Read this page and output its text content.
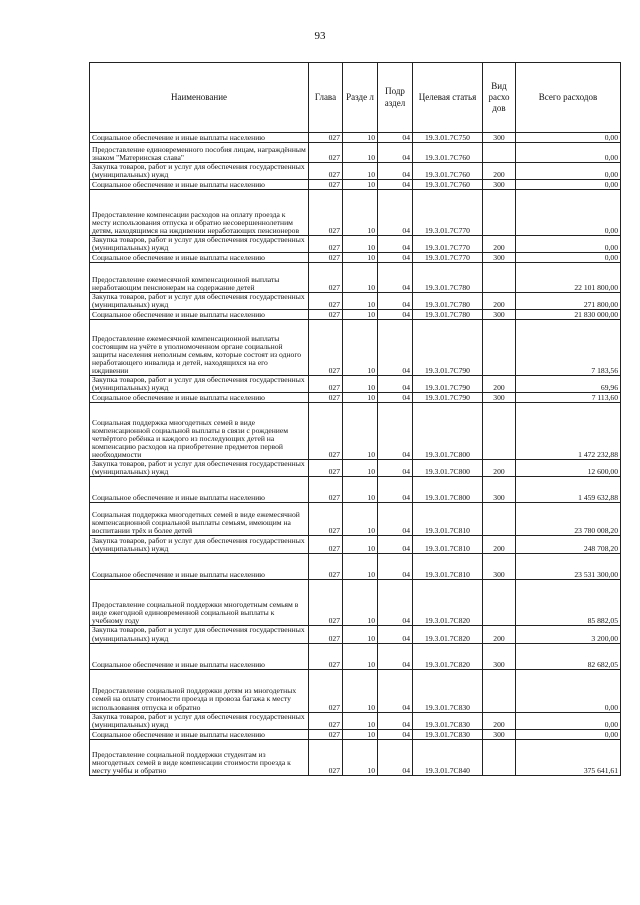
93
Наименование	Глава	Разде л	Подр аздел	Целевая статья	Вид расхо дов	Всего расходов
Социальное обеспечение и иные выплаты населению	027	10	04	19.3.01.7С750	300	0,00
Предоставление единовременного пособия лицам, награждённым знаком "Материнская слава"	027	10	04	19.3.01.7С760		0,00
Закупка товаров, работ и услуг для обеспечения государственных (муниципальных) нужд	027	10	04	19.3.01.7С760	200	0,00
Социальное обеспечение и иные выплаты населению	027	10	04	19.3.01.7С760	300	0,00
Предоставление компенсации расходов на оплату проезда к месту использования отпуска и обратно несовершеннолетним детям, находящимся на иждивении неработающих пенсионеров	027	10	04	19.3.01.7С770		0,00
Закупка товаров, работ и услуг для обеспечения государственных (муниципальных) нужд	027	10	04	19.3.01.7С770	200	0,00
Социальное обеспечение и иные выплаты населению	027	10	04	19.3.01.7С770	300	0,00
Предоставление ежемесячной компенсационной выплаты неработающим пенсионерам на содержание детей	027	10	04	19.3.01.7С780		22 101 800,00
Закупка товаров, работ и услуг для обеспечения государственных (муниципальных) нужд	027	10	04	19.3.01.7С780	200	271 800,00
Социальное обеспечение и иные выплаты населению	027	10	04	19.3.01.7С780	300	21 830 000,00
Предоставление ежемесячной компенсационной выплаты состоящим на учёте в уполномоченном органе социальной защиты населения неполным семьям, которые состоят из одного неработающего инвалида и детей, находящихся на его иждивении	027	10	04	19.3.01.7С790		7 183,56
Закупка товаров, работ и услуг для обеспечения государственных (муниципальных) нужд	027	10	04	19.3.01.7С790	200	69,96
Социальное обеспечение и иные выплаты населению	027	10	04	19.3.01.7С790	300	7 113,60
Социальная поддержка многодетных семей в виде компенсационной социальной выплаты в связи с рождением четвёртого ребёнка и каждого из последующих детей на компенсацию расходов на приобретение предметов первой необходимости	027	10	04	19.3.01.7С800		1 472 232,88
Закупка товаров, работ и услуг для обеспечения государственных (муниципальных) нужд	027	10	04	19.3.01.7С800	200	12 600,00
Социальное обеспечение и иные выплаты населению	027	10	04	19.3.01.7С800	300	1 459 632,88
Социальная поддержка многодетных семей в виде ежемесячной компенсационной социальной выплаты семьям, имеющим на воспитании трёх и более детей	027	10	04	19.3.01.7С810		23 780 008,20
Закупка товаров, работ и услуг для обеспечения государственных (муниципальных) нужд	027	10	04	19.3.01.7С810	200	248 708,20
Социальное обеспечение и иные выплаты населению	027	10	04	19.3.01.7С810	300	23 531 300,00
Предоставление социальной поддержки многодетным семьям в виде ежегодной единовременной социальной выплаты к учебному году	027	10	04	19.3.01.7С820		85 882,05
Закупка товаров, работ и услуг для обеспечения государственных (муниципальных) нужд	027	10	04	19.3.01.7С820	200	3 200,00
Социальное обеспечение и иные выплаты населению	027	10	04	19.3.01.7С820	300	82 682,05
Предоставление социальной поддержки детям из многодетных семей на оплату стоимости проезда и провоза багажа к месту использования отпуска и обратно	027	10	04	19.3.01.7С830		0,00
Закупка товаров, работ и услуг для обеспечения государственных (муниципальных) нужд	027	10	04	19.3.01.7С830	200	0,00
Социальное обеспечение и иные выплаты населению	027	10	04	19.3.01.7С830	300	0,00
Предоставление социальной поддержки студентам из многодетных семей в виде компенсации стоимости проезда к месту учёбы и обратно	027	10	04	19.3.01.7С840		375 641,61
